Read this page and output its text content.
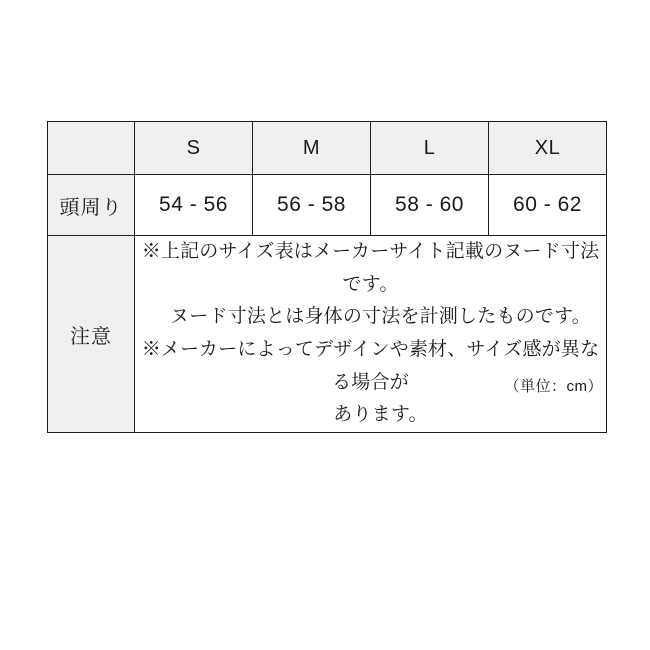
	S	M	L	XL
頭周り	54 - 56	56 - 58	58 - 60	60 - 62
注意	※上記のサイズ表はメーカーサイト記載のヌード寸法です。
ヌード寸法とは身体の寸法を計測したものです。
※メーカーによってデザインや素材、サイズ感が異なる場合が
あります。			
（単位：cm）
